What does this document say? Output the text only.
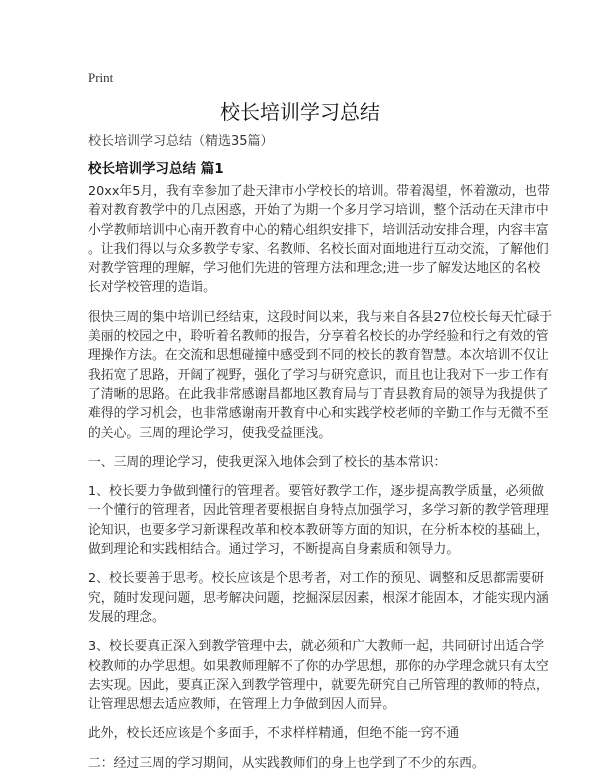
Print
校长培训学习总结
校长培训学习总结（精选35篇）
校长培训学习总结 篇1
20xx年5月，我有幸参加了赴天津市小学校长的培训。带着渴望，怀着激动，也带
着对教育教学中的几点困惑，开始了为期一个多月学习培训，整个活动在天津市中
小学教师培训中心南开教育中心的精心组织安排下，培训活动安排合理，内容丰富
。让我们得以与众多教学专家、名教师、名校长面对面地进行互动交流，了解他们
对教学管理的理解，学习他们先进的管理方法和理念;进一步了解发达地区的名校
长对学校管理的造诣。
很快三周的集中培训已经结束，这段时间以来，我与来自各县27位校长每天忙碌于
美丽的校园之中，聆听着名教师的报告，分享着名校长的办学经验和行之有效的管
理操作方法。在交流和思想碰撞中感受到不同的校长的教育智慧。本次培训不仅让
我拓宽了思路，开阔了视野，强化了学习与研究意识，而且也让我对下一步工作有
了清晰的思路。在此我非常感谢昌都地区教育局与丁青县教育局的领导为我提供了
难得的学习机会，也非常感谢南开教育中心和实践学校老师的辛勤工作与无微不至
的关心。三周的理论学习，使我受益匪浅。
一、三周的理论学习，使我更深入地体会到了校长的基本常识：
1、校长要力争做到懂行的管理者。要管好教学工作，逐步提高教学质量，必须做
一个懂行的管理者，因此管理者要根据自身特点加强学习，多学习新的教学管理理
论知识，也要多学习新课程改革和校本教研等方面的知识，在分析本校的基础上，
做到理论和实践相结合。通过学习，不断提高自身素质和领导力。
2、校长要善于思考。校长应该是个思考者，对工作的预见、调整和反思都需要研
究，随时发现问题，思考解决问题，挖掘深层因素，根深才能固本，才能实现内涵
发展的理念。
3、校长要真正深入到教学管理中去，就必须和广大教师一起，共同研讨出适合学
校教师的办学思想。如果教师理解不了你的办学思想，那你的办学理念就只有太空
去实现。因此，要真正深入到教学管理中，就要先研究自己所管理的教师的特点，
让管理思想去适应教师，在管理上力争做到因人而异。
此外，校长还应该是个多面手，不求样样精通，但绝不能一窍不通
二：经过三周的学习期间，从实践教师们的身上也学到了不少的东西。
